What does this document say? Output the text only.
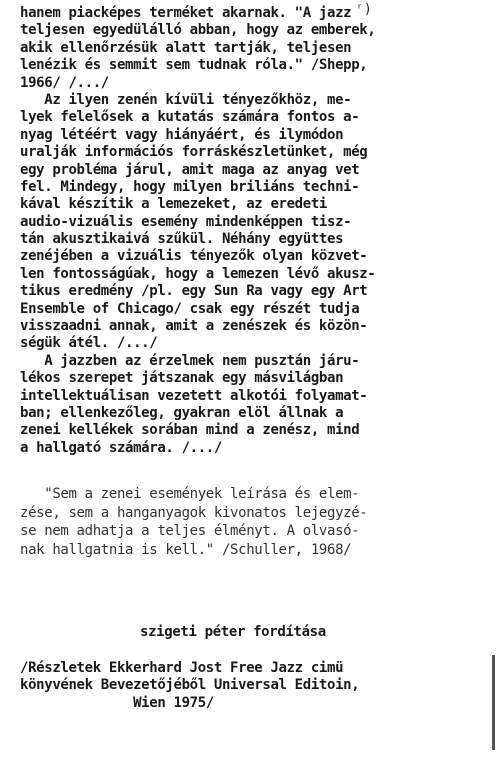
ʳ)
hanem piacképes terméket akarnak. "A jazz
teljesen egyedülálló abban, hogy az emberek,
akik ellenőrzésük alatt tartják, teljesen
lenézik és semmit sem tudnak róla." /Shepp,
1966/ /.../
Az ilyen zenén kívüli tényezőkhöz, me-
lyek felelősek a kutatás számára fontos a-
nyag létéért vagy hiányáért, és ilymódon
uralják információs forráskészletünket, még
egy probléma járul, amit maga az anyag vet
fel. Mindegy, hogy milyen briliáns techni-
kával készítik a lemezeket, az eredeti
audio-vizuális esemény mindenképpen tisz-
tán akusztikaivá szűkül. Néhány együttes
zenéjében a vizuális tényezők olyan közvet-
len fontosságúak, hogy a lemezen lévő akusz-
tikus eredmény /pl. egy Sun Ra vagy egy Art
Ensemble of Chicago/ csak egy részét tudja
visszaadni annak, amit a zenészek és közön-
ségük átél. /.../
A jazzben az érzelmek nem pusztán járu-
lékos szerepet játszanak egy másvilágban
intellektuálisan vezetett alkotói folyamat-
ban; ellenkezőleg, gyakran elöl állnak a
zenei kellékek sorában mind a zenész, mind
a hallgató számára. /.../
"Sem a zenei események leírása és elem-
zése, sem a hanganyagok kivonatos lejegyzé-
se nem adhatja a teljes élményt. A olvasó-
nak hallgatnia is kell." /Schuller, 1968/
szigeti péter fordítása
/Részletek Ekkerhard Jost Free Jazz cimü
könyvének Bevezetőjéből Universal Editoin,
Wien 1975/
